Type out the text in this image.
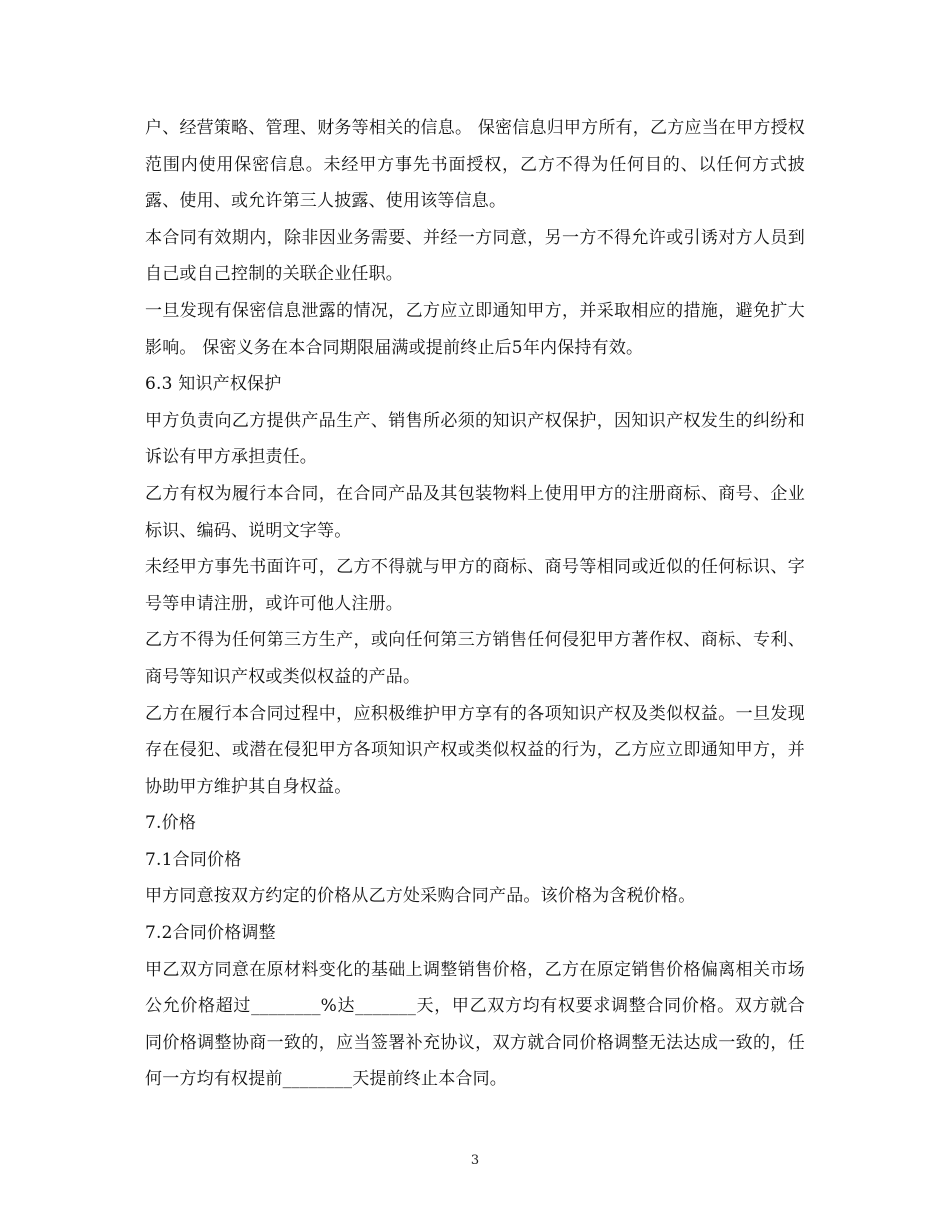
户、经营策略、管理、财务等相关的信息。 保密信息归甲方所有，乙方应当在甲方授权范围内使用保密信息。未经甲方事先书面授权，乙方不得为任何目的、以任何方式披露、使用、或允许第三人披露、使用该等信息。

本合同有效期内，除非因业务需要、并经一方同意，另一方不得允许或引诱对方人员到自己或自己控制的关联企业任职。

一旦发现有保密信息泄露的情况，乙方应立即通知甲方，并采取相应的措施，避免扩大影响。 保密义务在本合同期限届满或提前终止后5年内保持有效。

6.3 知识产权保护

甲方负责向乙方提供产品生产、销售所必须的知识产权保护，因知识产权发生的纠纷和诉讼有甲方承担责任。

乙方有权为履行本合同，在合同产品及其包装物料上使用甲方的注册商标、商号、企业标识、编码、说明文字等。

未经甲方事先书面许可，乙方不得就与甲方的商标、商号等相同或近似的任何标识、字号等申请注册，或许可他人注册。

乙方不得为任何第三方生产，或向任何第三方销售任何侵犯甲方著作权、商标、专利、商号等知识产权或类似权益的产品。

乙方在履行本合同过程中，应积极维护甲方享有的各项知识产权及类似权益。一旦发现存在侵犯、或潜在侵犯甲方各项知识产权或类似权益的行为，乙方应立即通知甲方，并协助甲方维护其自身权益。

7.价格

7.1合同价格

甲方同意按双方约定的价格从乙方处采购合同产品。该价格为含税价格。

7.2合同价格调整

甲乙双方同意在原材料变化的基础上调整销售价格，乙方在原定销售价格偏离相关市场公允价格超过________%达_______天，甲乙双方均有权要求调整合同价格。双方就合同价格调整协商一致的，应当签署补充协议，双方就合同价格调整无法达成一致的，任何一方均有权提前________天提前终止本合同。

3
